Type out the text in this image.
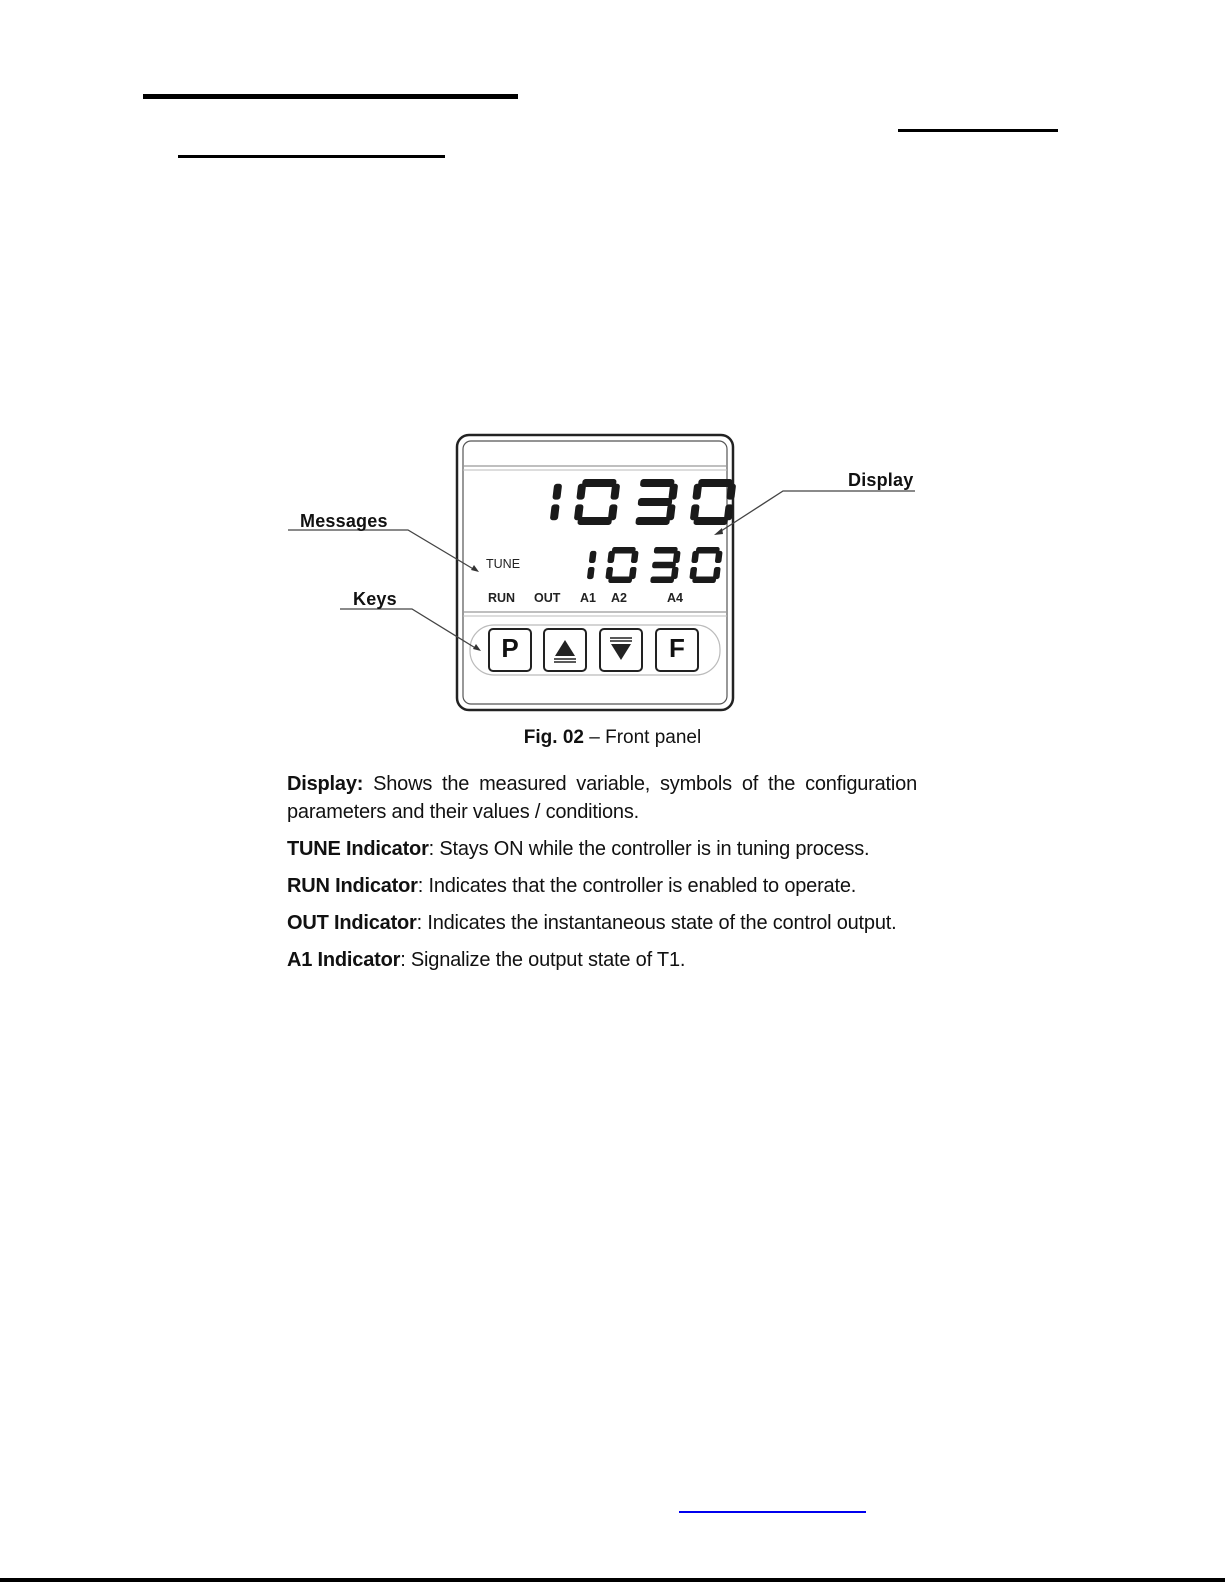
Display
Messages
Keys
TUNE
RUN OUT A1 A2	A4
P	F
Fig. 02 – Front panel

Display: Shows the measured variable, symbols of the configuration parameters and their values / conditions.

TUNE Indicator: Stays ON while the controller is in tuning process.

RUN Indicator: Indicates that the controller is enabled to operate.

OUT Indicator: Indicates the instantaneous state of the control output.

A1 Indicator: Signalize the output state of T1.
